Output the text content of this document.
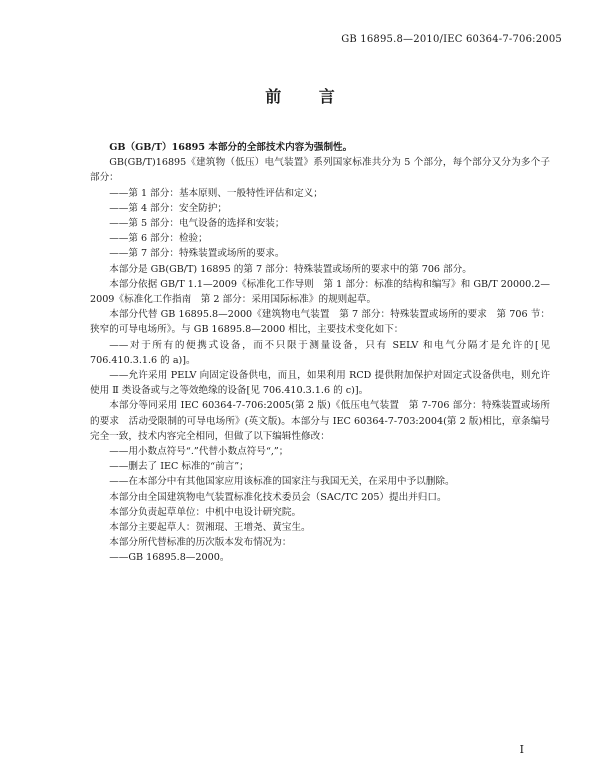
GB 16895.8—2010/IEC 60364-7-706:2005
前 言

GB（GB/T）16895 本部分的全部技术内容为强制性。

GB(GB/T)16895《建筑物（低压）电气装置》系列国家标准共分为 5 个部分，每个部分又分为多个子部分：

——第 1 部分：基本原则、一般特性评估和定义；

——第 4 部分：安全防护；

——第 5 部分：电气设备的选择和安装；

——第 6 部分：检验；

——第 7 部分：特殊装置或场所的要求。

本部分是 GB(GB/T) 16895 的第 7 部分：特殊装置或场所的要求中的第 706 部分。

本部分依据 GB/T 1.1—2009《标准化工作导则　第 1 部分：标准的结构和编写》和 GB/T 20000.2—2009《标准化工作指南　第 2 部分：采用国际标准》的规则起草。

本部分代替 GB 16895.8—2000《建筑物电气装置　第 7 部分：特殊装置或场所的要求　第 706 节：狭窄的可导电场所》。与 GB 16895.8—2000 相比，主要技术变化如下：

——对于所有的便携式设备，而不只限于测量设备，只有 SELV 和电气分隔才是允许的[见 706.410.3.1.6 的 a)]。

——允许采用 PELV 向固定设备供电，而且，如果利用 RCD 提供附加保护对固定式设备供电，则允许使用 Ⅱ 类设备或与之等效绝缘的设备[见 706.410.3.1.6 的 c)]。

本部分等同采用 IEC 60364-7-706:2005(第 2 版)《低压电气装置　第 7-706 部分：特殊装置或场所的要求　活动受限制的可导电场所》(英文版)。本部分与 IEC 60364-7-703:2004(第 2 版)相比，章条编号完全一致，技术内容完全相同，但做了以下编辑性修改：

——用小数点符号“.”代替小数点符号“,”；

——删去了 IEC 标准的“前言”；

——在本部分中有其他国家应用该标准的国家注与我国无关，在采用中予以删除。

本部分由全国建筑物电气装置标准化技术委员会（SAC/TC 205）提出并归口。

本部分负责起草单位：中机中电设计研究院。

本部分主要起草人：贺湘琨、王增尧、黄宝生。

本部分所代替标准的历次版本发布情况为：

——GB 16895.8—2000。

I
